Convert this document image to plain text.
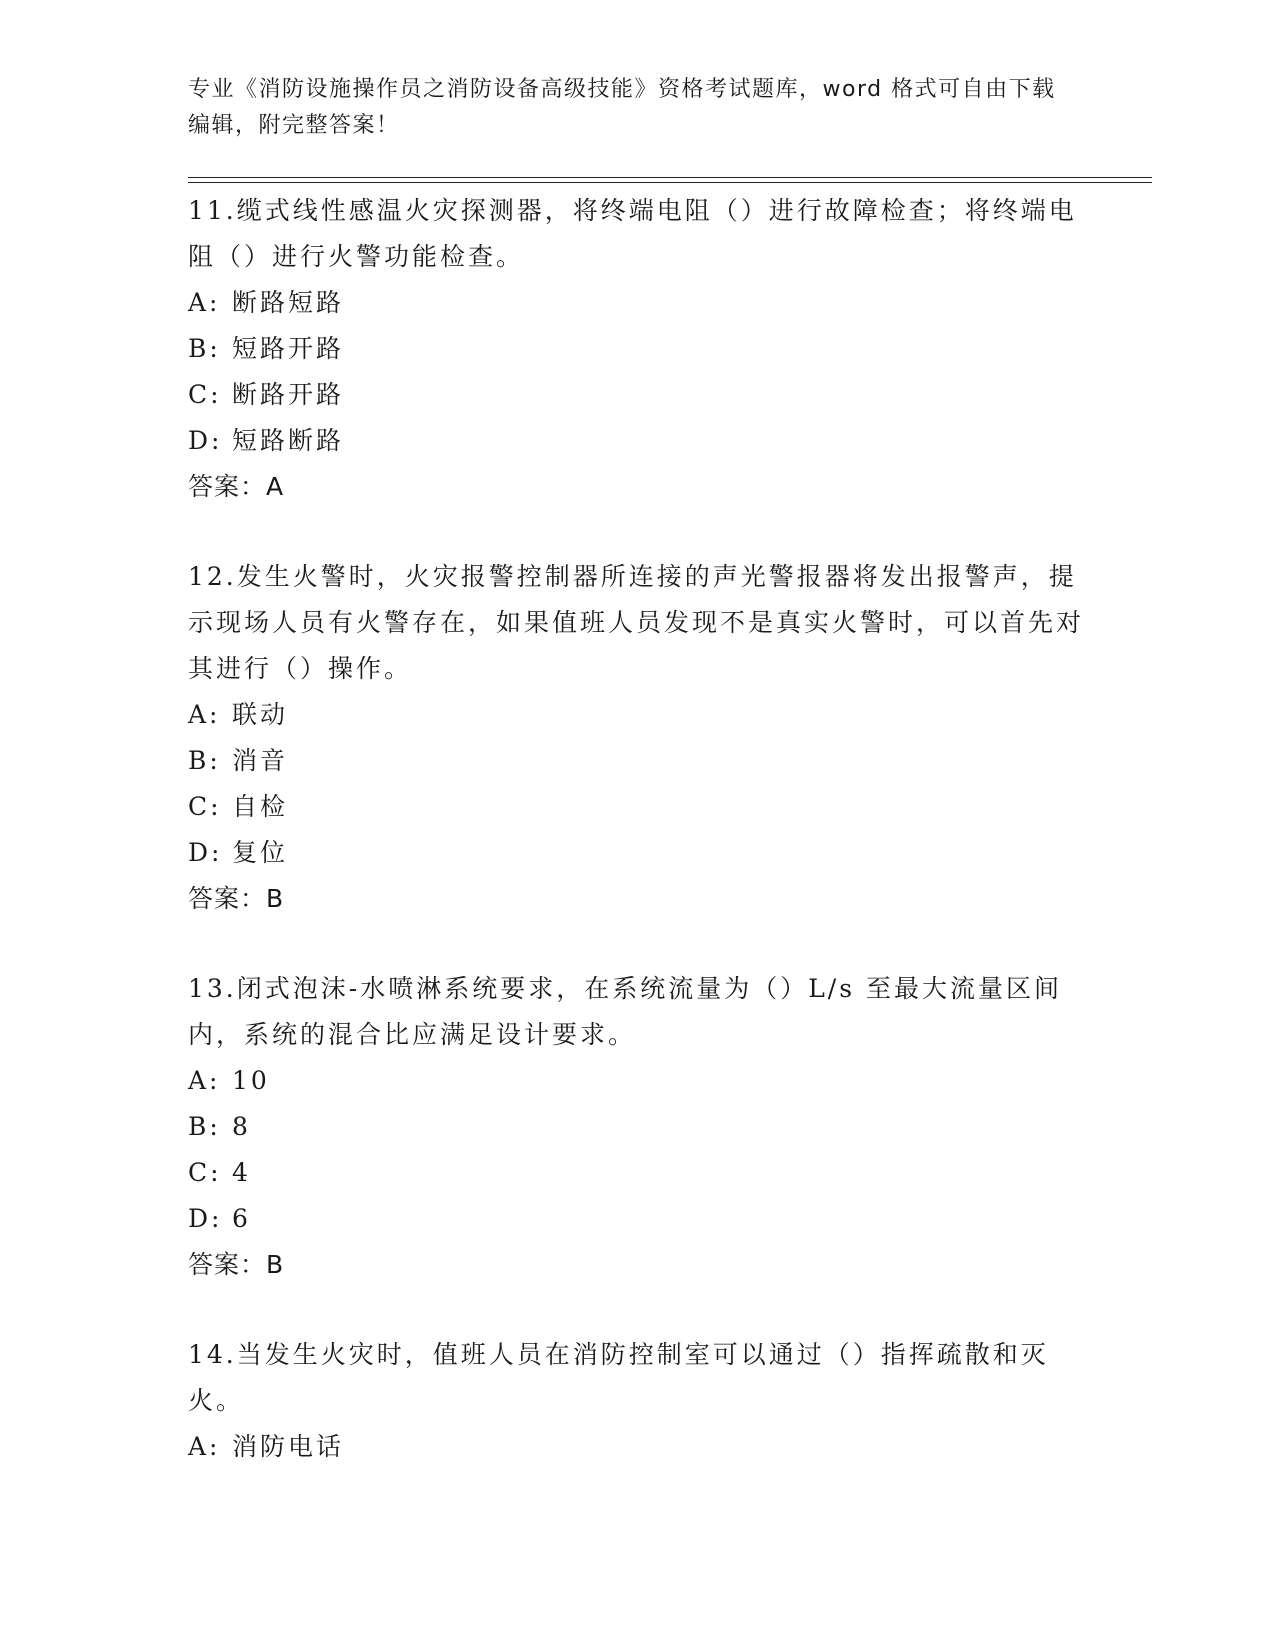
专业《消防设施操作员之消防设备高级技能》资格考试题库，word 格式可自由下载编辑，附完整答案！

11.缆式线性感温火灾探测器，将终端电阻（）进行故障检查；将终端电阻（）进行火警功能检查。

A: 断路短路

B: 短路开路

C: 断路开路

D: 短路断路

答案：A

12.发生火警时，火灾报警控制器所连接的声光警报器将发出报警声，提示现场人员有火警存在，如果值班人员发现不是真实火警时，可以首先对其进行（）操作。

A: 联动

B: 消音

C: 自检

D: 复位

答案：B

13.闭式泡沫-水喷淋系统要求，在系统流量为（）L/s 至最大流量区间内，系统的混合比应满足设计要求。

A: 10

B: 8

C: 4

D: 6

答案：B

14.当发生火灾时，值班人员在消防控制室可以通过（）指挥疏散和灭火。

A: 消防电话
